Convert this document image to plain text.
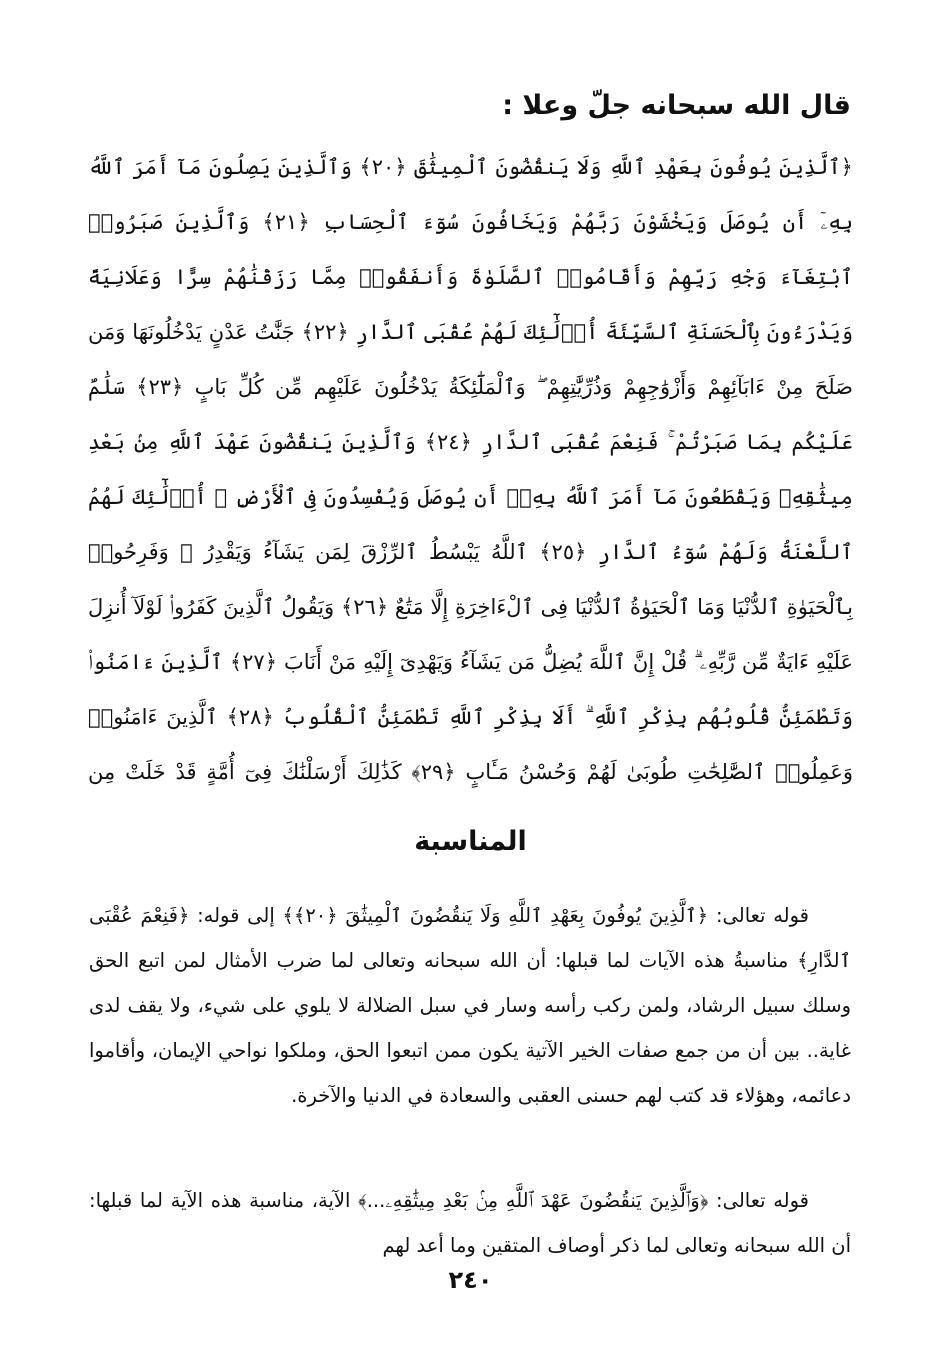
قال الله سبحانه جلّ وعلا :
﴿ٱلَّذِينَ يُوفُونَ بِعَهْدِ ٱللَّهِ وَلَا يَنقُضُونَ ٱلْمِيثَٰقَ ﴿٢٠﴾ وَٱلَّذِينَ يَصِلُونَ مَآ أَمَرَ ٱللَّهُ بِهِۦٓ أَن يُوصَلَ وَيَخْشَوْنَ رَبَّهُمْ وَيَخَافُونَ سُوٓءَ ٱلْحِسَابِ ﴿٢١﴾ وَٱلَّذِينَ صَبَرُوا۟ ٱبْتِغَآءَ وَجْهِ رَبِّهِمْ وَأَقَامُوا۟ ٱلصَّلَوٰةَ وَأَنفَقُوا۟ مِمَّا رَزَقْنَٰهُمْ سِرًّا وَعَلَانِيَةً وَيَدْرَءُونَ بِٱلْحَسَنَةِ ٱلسَّيِّئَةَ أُو۟لَٰٓئِكَ لَهُمْ عُقْبَى ٱلدَّارِ ﴿٢٢﴾ جَنَّٰتُ عَدْنٍ يَدْخُلُونَهَا وَمَن صَلَحَ مِنْ ءَابَآئِهِمْ وَأَزْوَٰجِهِمْ وَذُرِّيَّٰتِهِمْ ۖ وَٱلْمَلَٰٓئِكَةُ يَدْخُلُونَ عَلَيْهِم مِّن كُلِّ بَابٍ ﴿٢٣﴾ سَلَٰمٌ عَلَيْكُم بِمَا صَبَرْتُمْ ۚ فَنِعْمَ عُقْبَى ٱلدَّارِ ﴿٢٤﴾ وَٱلَّذِينَ يَنقُضُونَ عَهْدَ ٱللَّهِ مِنۢ بَعْدِ مِيثَٰقِهِۦ وَيَقْطَعُونَ مَآ أَمَرَ ٱللَّهُ بِهِۦٓ أَن يُوصَلَ وَيُفْسِدُونَ فِى ٱلْأَرْضِ ۙ أُو۟لَٰٓئِكَ لَهُمُ ٱللَّعْنَةُ وَلَهُمْ سُوٓءُ ٱلدَّارِ ﴿٢٥﴾ ٱللَّهُ يَبْسُطُ ٱلرِّزْقَ لِمَن يَشَآءُ وَيَقْدِرُ ۚ وَفَرِحُوا۟ بِٱلْحَيَوٰةِ ٱلدُّنْيَا وَمَا ٱلْحَيَوٰةُ ٱلدُّنْيَا فِى ٱلْءَاخِرَةِ إِلَّا مَتَٰعٌ ﴿٢٦﴾ وَيَقُولُ ٱلَّذِينَ كَفَرُوا۟ لَوْلَآ أُنزِلَ عَلَيْهِ ءَايَةٌ مِّن رَّبِّهِۦ ۗ قُلْ إِنَّ ٱللَّهَ يُضِلُّ مَن يَشَآءُ وَيَهْدِىٓ إِلَيْهِ مَنْ أَنَابَ ﴿٢٧﴾ ٱلَّذِينَ ءَامَنُوا۟ وَتَطْمَئِنُّ قُلُوبُهُم بِذِكْرِ ٱللَّهِ ۗ أَلَا بِذِكْرِ ٱللَّهِ تَطْمَئِنُّ ٱلْقُلُوبُ ﴿٢٨﴾ ٱلَّذِينَ ءَامَنُوا۟ وَعَمِلُوا۟ ٱلصَّٰلِحَٰتِ طُوبَىٰ لَهُمْ وَحُسْنُ مَـَٔابٍ ﴿٢٩﴾ كَذَٰلِكَ أَرْسَلْنَٰكَ فِىٓ أُمَّةٍ قَدْ خَلَتْ مِن
المناسبة

قوله تعالى: ﴿ٱلَّذِينَ يُوفُونَ بِعَهْدِ ٱللَّهِ وَلَا يَنقُضُونَ ٱلْمِيثَٰقَ ﴿٢٠﴾﴾ إلى قوله: ﴿فَنِعْمَ عُقْبَى ٱلدَّارِ﴾ مناسبةُ هذه الآيات لما قبلها: أن الله سبحانه وتعالى لما ضرب الأمثال لمن اتبع الحق وسلك سبيل الرشاد، ولمن ركب رأسه وسار في سبل الضلالة لا يلوي على شيء، ولا يقف لدى غاية.. بين أن من جمع صفات الخير الآتية يكون ممن اتبعوا الحق، وملكوا نواحي الإيمان، وأقاموا دعائمه، وهؤلاء قد كتب لهم حسنى العقبى والسعادة في الدنيا والآخرة.

قوله تعالى: ﴿وَٱلَّذِينَ يَنقُضُونَ عَهْدَ ٱللَّهِ مِنۢ بَعْدِ مِيثَٰقِهِۦ...﴾ الآية، مناسبة هذه الآية لما قبلها: أن الله سبحانه وتعالى لما ذكر أوصاف المتقين وما أعد لهم

٢٤٠
